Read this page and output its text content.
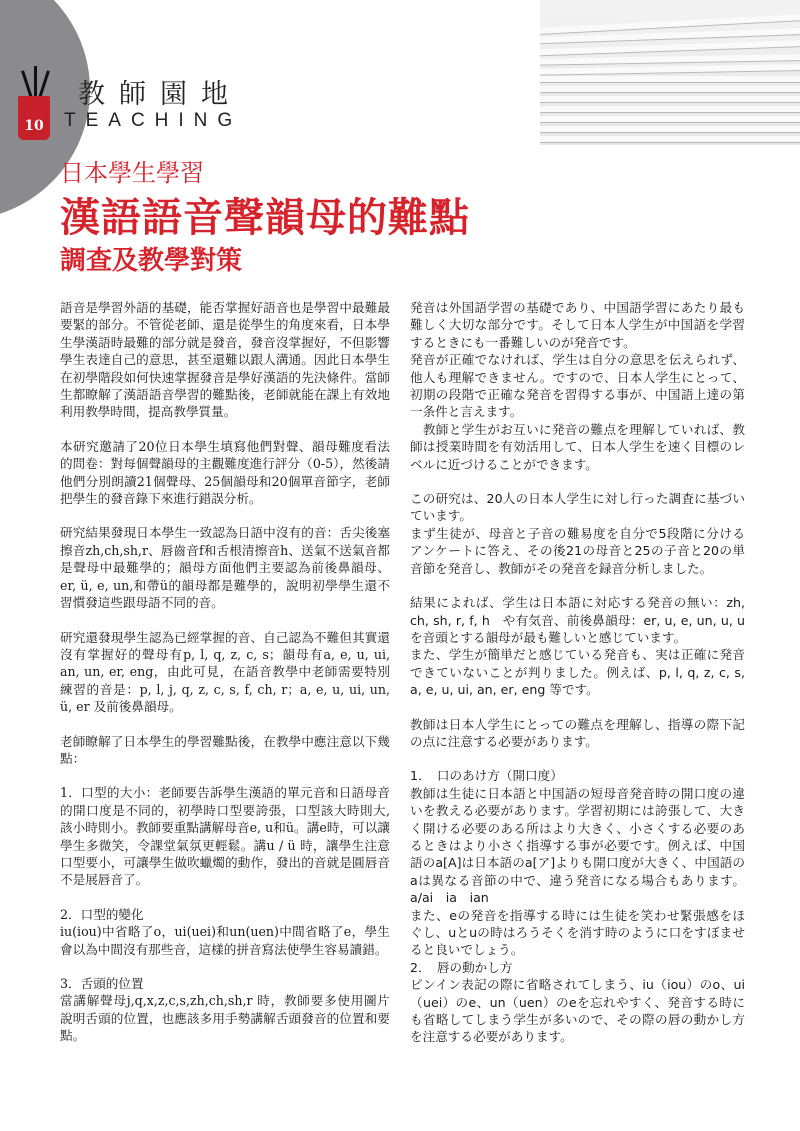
10
教師園地
TEACHING
日本學生學習
漢語語音聲韻母的難點
調查及教學對策

語音是學習外語的基礎，能否掌握好語音也是學習中最難最要緊的部分。不管從老師、還是從學生的角度來看，日本學生學漢語時最難的部分就是發音，發音沒掌握好，不但影響學生表達自己的意思，甚至還難以跟人溝通。因此日本學生在初學階段如何快速掌握發音是學好漢語的先決條件。當師生都瞭解了漢語語音學習的難點後，老師就能在課上有效地利用教學時間，提高教學質量。

本研究邀請了20位日本學生填寫他們對聲、韻母難度看法的問卷：對每個聲韻母的主觀難度進行評分（0-5），然後請他們分別朗讀21個聲母、25個韻母和20個單音節字，老師把學生的發音錄下來進行錯誤分析。

研究結果發現日本學生一致認為日語中沒有的音：舌尖後塞擦音zh,ch,sh,r、唇齒音f和舌根清擦音h、送氣不送氣音都是聲母中最難學的；韻母方面他們主要認為前後鼻韻母、er, ü, e, un,和帶ü的韻母都是難學的，說明初學學生還不習慣發這些跟母語不同的音。

研究還發現學生認為已經掌握的音、自己認為不難但其實還沒有掌握好的聲母有p, l, q, z, c, s；韻母有a, e, u, ui, an, un, er, eng，由此可見，在語音教學中老師需要特別練習的音是：p, l, j, q, z, c, s, f, ch, r；a, e, u, ui, un, ü, er 及前後鼻韻母。

老師瞭解了日本學生的學習難點後，在教學中應注意以下幾點：

1．口型的大小：老師要告訴學生漢語的單元音和日語母音的開口度是不同的，初學時口型要誇張，口型該大時則大, 該小時則小。教師要重點講解母音e, u和ü。講e時，可以讓學生多微笑，令課堂氣氛更輕鬆。講u / ü 時，讓學生注意口型要小，可讓學生做吹蠟燭的動作，發出的音就是圓唇音不是展唇音了。

2．口型的變化
iu(iou)中省略了o，ui(uei)和un(uen)中間省略了e，學生會以為中間沒有那些音，這樣的拼音寫法使學生容易讀錯。

3．舌頭的位置
當講解聲母j,q,x,z,c,s,zh,ch,sh,r 時，教師要多使用圖片說明舌頭的位置，也應該多用手勢講解舌頭發音的位置和要點。

発音は外国語学習の基礎であり、中国語学習にあたり最も難しく大切な部分です。そして日本人学生が中国語を学習するときにも一番難しいのが発音です。
発音が正確でなければ、学生は自分の意思を伝えられず、他人も理解できません。ですので、日本人学生にとって、初期の段階で正確な発音を習得する事が、中国語上達の第一条件と言えます。
　教師と学生がお互いに発音の難点を理解していれば、教師は授業時間を有効活用して、日本人学生を速く目標のレベルに近づけることができます。

この研究は、20人の日本人学生に対し行った調査に基づいています。
まず生徒が、母音と子音の難易度を自分で5段階に分けるアンケートに答え、その後21の母音と25の子音と20の単音節を発音し、教師がその発音を録音分析しました。

結果によれば、学生は日本語に対応する発音の無い：zh, ch, sh, r, f, h　や有気音、前後鼻韻母：er, u, e, un, u, uを音頭とする韻母が最も難しいと感じています。
また、学生が簡単だと感じている発音も、実は正確に発音できていないことが判りました。例えば、p, l, q, z, c, s, a, e, u, ui, an, er, eng 等です。

教師は日本人学生にとっての難点を理解し、指導の際下記の点に注意する必要があります。

1．　口のあけ方（開口度）
教師は生徒に日本語と中国語の短母音発音時の開口度の違いを教える必要があります。学習初期には誇張して、大きく開ける必要のある所はより大きく、小さくする必要のあるときはより小さく指導する事が必要です。例えば、中国語のa[A]は日本語のa[ア]よりも開口度が大きく、中国語のaは異なる音節の中で、違う発音になる場合もあります。a/ai　ia　ian
また、eの発音を指導する時には生徒を笑わせ緊張感をほぐし、uとuの時はろうそくを消す時のように口をすぼませると良いでしょう。
2．　唇の動かし方
ピンイン表記の際に省略されてしまう、iu（iou）のo、ui（uei）のe、un（uen）のeを忘れやすく、発音する時にも省略してしまう学生が多いので、その際の唇の動かし方を注意する必要があります。
